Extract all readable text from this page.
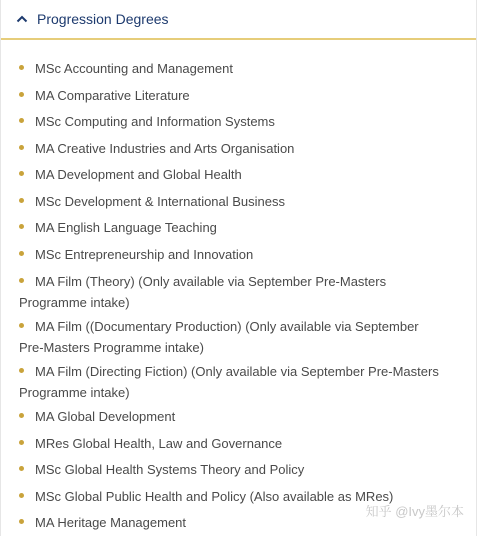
Progression Degrees
MSc Accounting and Management
MA Comparative Literature
MSc Computing and Information Systems
MA Creative Industries and Arts Organisation
MA Development and Global Health
MSc Development & International Business
MA English Language Teaching
MSc Entrepreneurship and Innovation
MA Film (Theory) (Only available via September Pre-Masters Programme intake)
MA Film ((Documentary Production) (Only available via September Pre-Masters Programme intake)
MA Film (Directing Fiction) (Only available via September Pre-Masters Programme intake)
MA Global Development
MRes Global Health, Law and Governance
MSc Global Health Systems Theory and Policy
MSc Global Public Health and Policy (Also available as MRes)
MA Heritage Management
知乎 @Ivy墨尔本
